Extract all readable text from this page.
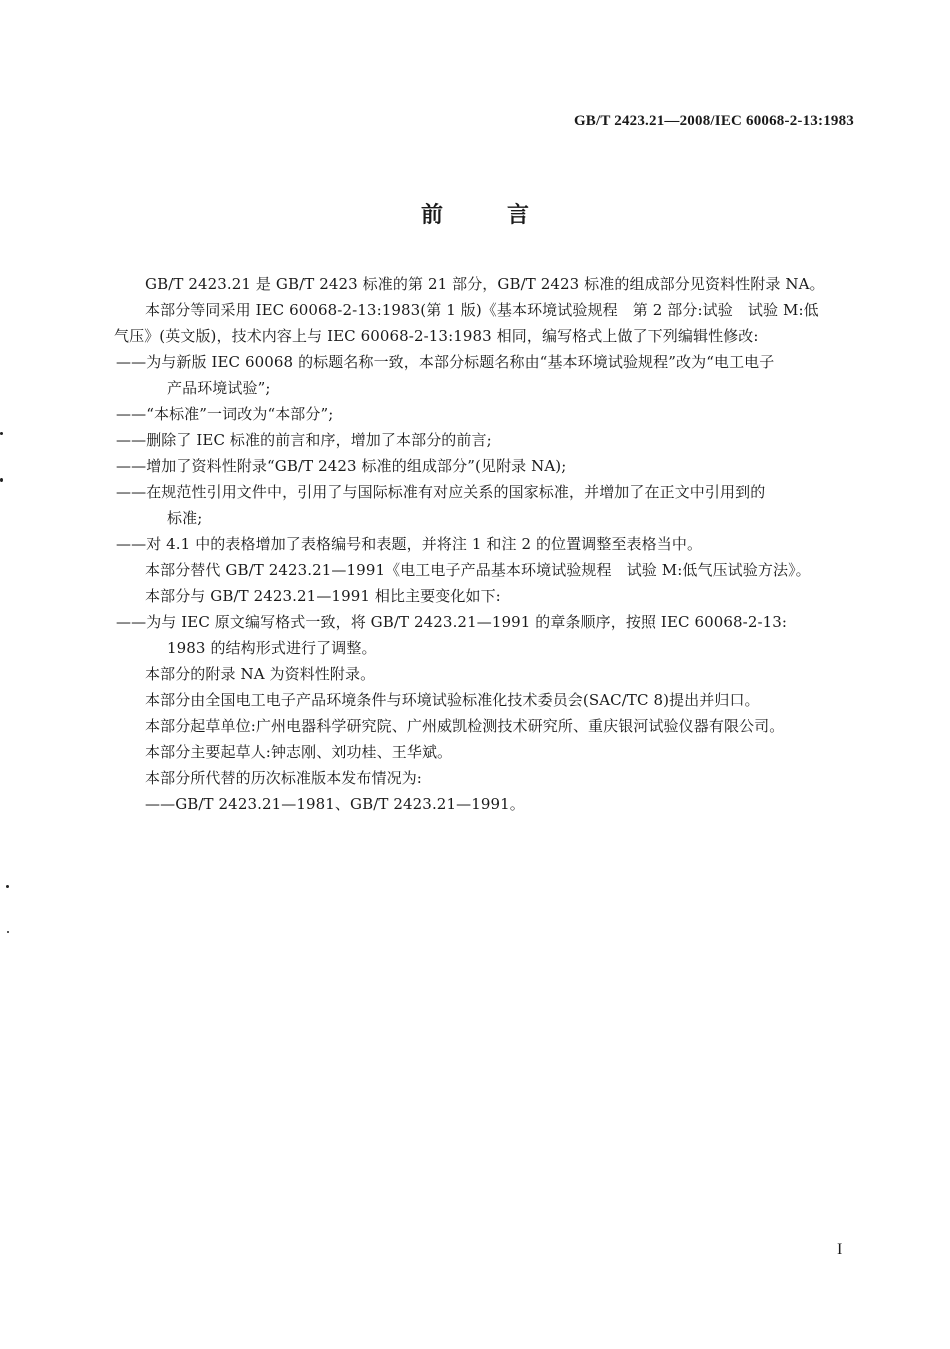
GB/T 2423.21—2008/IEC 60068-2-13:1983
前	言
GB/T 2423.21 是 GB/T 2423 标准的第 21 部分，GB/T 2423 标准的组成部分见资料性附录 NA。
本部分等同采用 IEC 60068-2-13:1983(第 1 版)《基本环境试验规程　第 2 部分:试验　试验 M:低
气压》(英文版)，技术内容上与 IEC 60068-2-13:1983 相同，编写格式上做了下列编辑性修改:
——为与新版 IEC 60068 的标题名称一致，本部分标题名称由“基本环境试验规程”改为“电工电子
产品环境试验”;
——“本标准”一词改为“本部分”;
——删除了 IEC 标准的前言和序，增加了本部分的前言;
——增加了资料性附录“GB/T 2423 标准的组成部分”(见附录 NA);
——在规范性引用文件中，引用了与国际标准有对应关系的国家标准，并增加了在正文中引用到的
标准;
——对 4.1 中的表格增加了表格编号和表题，并将注 1 和注 2 的位置调整至表格当中。
本部分替代 GB/T 2423.21—1991《电工电子产品基本环境试验规程　试验 M:低气压试验方法》。
本部分与 GB/T 2423.21—1991 相比主要变化如下:
——为与 IEC 原文编写格式一致，将 GB/T 2423.21—1991 的章条顺序，按照 IEC 60068-2-13:
1983 的结构形式进行了调整。
本部分的附录 NA 为资料性附录。
本部分由全国电工电子产品环境条件与环境试验标准化技术委员会(SAC/TC 8)提出并归口。
本部分起草单位:广州电器科学研究院、广州威凯检测技术研究所、重庆银河试验仪器有限公司。
本部分主要起草人:钟志刚、刘功桂、王华斌。
本部分所代替的历次标准版本发布情况为:
——GB/T 2423.21—1981、GB/T 2423.21—1991。
I
